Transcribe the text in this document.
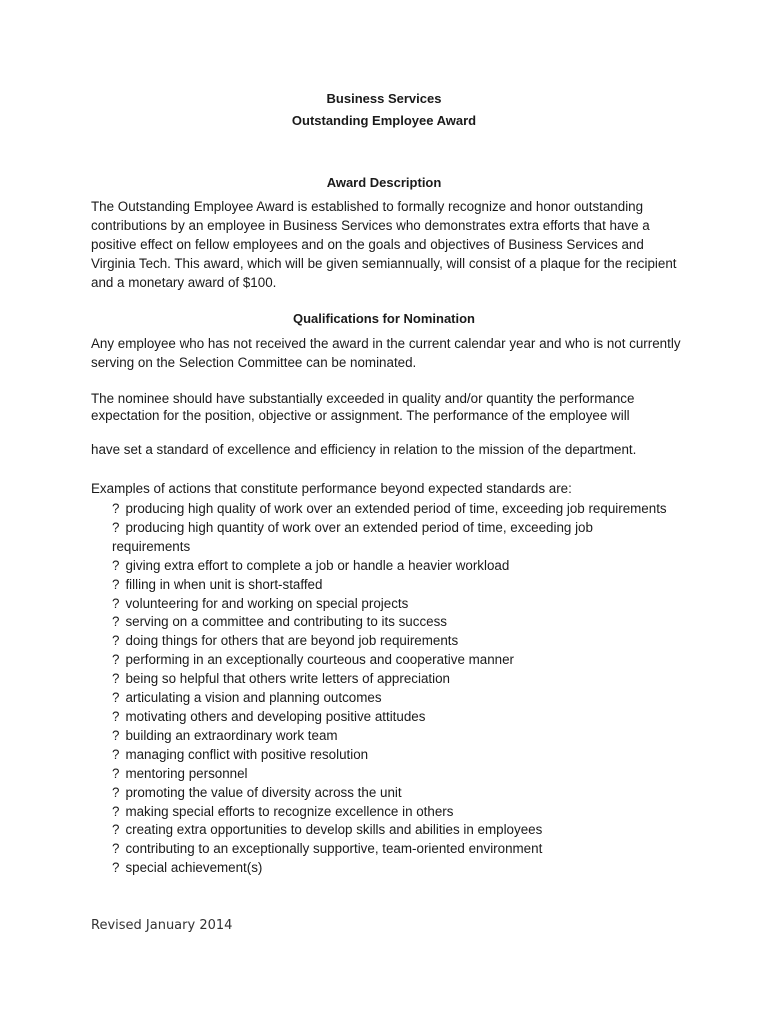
Business Services
Outstanding Employee Award
Award Description

The Outstanding Employee Award is established to formally recognize and honor outstanding contributions by an employee in Business Services who demonstrates extra efforts that have a positive effect on fellow employees and on the goals and objectives of Business Services and Virginia Tech. This award, which will be given semiannually, will consist of a plaque for the recipient and a monetary award of $100.

Qualifications for Nomination

Any employee who has not received the award in the current calendar year and who is not currently serving on the Selection Committee can be nominated.

The nominee should have substantially exceeded in quality and/or quantity the performance expectation for the position, objective or assignment. The performance of the employee will

have set a standard of excellence and efficiency in relation to the mission of the department.

Examples of actions that constitute performance beyond expected standards are:

? producing high quality of work over an extended period of time, exceeding job requirements
? producing high quantity of work over an extended period of time, exceeding job requirements
? giving extra effort to complete a job or handle a heavier workload
? filling in when unit is short-staffed
? volunteering for and working on special projects
? serving on a committee and contributing to its success
? doing things for others that are beyond job requirements
? performing in an exceptionally courteous and cooperative manner
? being so helpful that others write letters of appreciation
? articulating a vision and planning outcomes
? motivating others and developing positive attitudes
? building an extraordinary work team
? managing conflict with positive resolution
? mentoring personnel
? promoting the value of diversity across the unit
? making special efforts to recognize excellence in others
? creating extra opportunities to develop skills and abilities in employees
? contributing to an exceptionally supportive, team-oriented environment
? special achievement(s)
Revised January 2014
